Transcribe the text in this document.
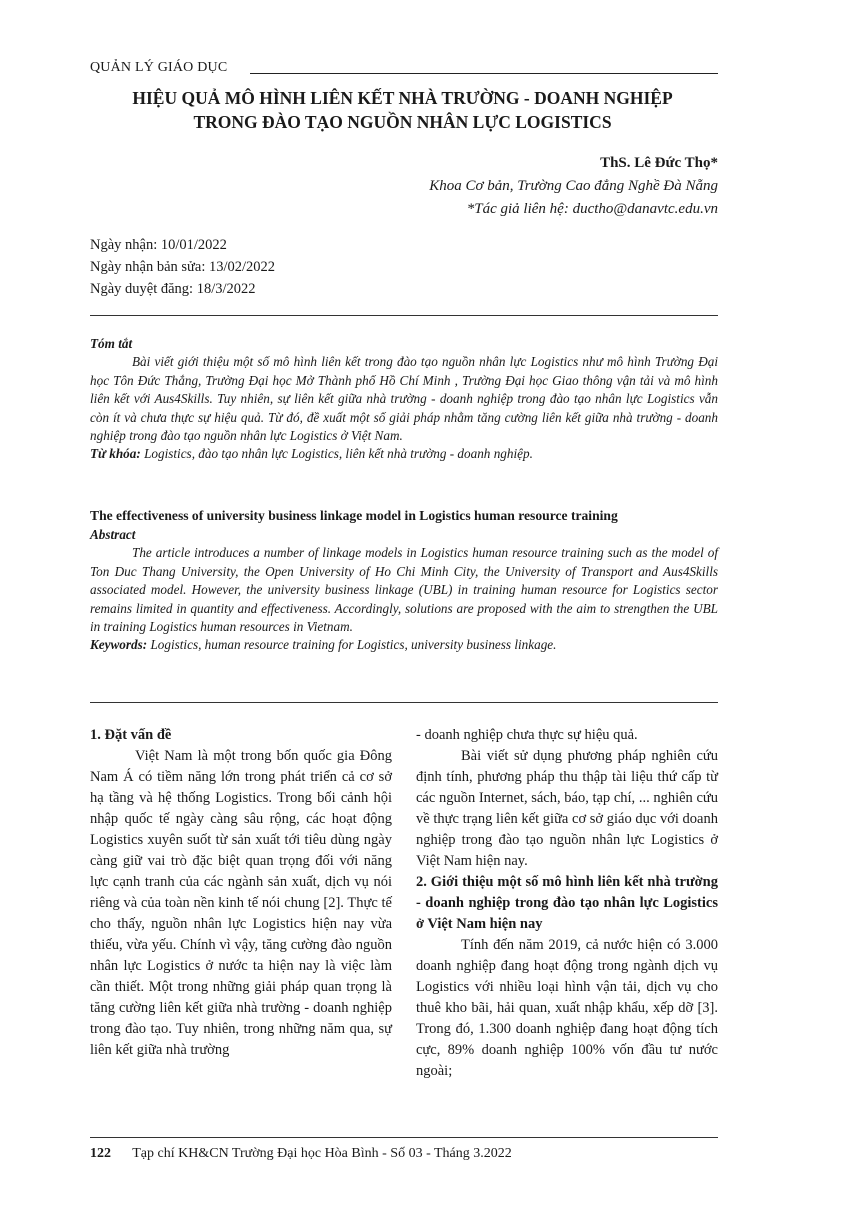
QUẢN LÝ GIÁO DỤC
HIỆU QUẢ MÔ HÌNH LIÊN KẾT NHÀ TRƯỜNG - DOANH NGHIỆP
TRONG ĐÀO TẠO NGUỒN NHÂN LỰC LOGISTICS
ThS. Lê Đức Thọ*
Khoa Cơ bản, Trường Cao đẳng Nghề Đà Nẵng
*Tác giả liên hệ: ductho@danavtc.edu.vn
Ngày nhận: 10/01/2022
Ngày nhận bản sửa: 13/02/2022
Ngày duyệt đăng: 18/3/2022
Tóm tắt
Bài viết giới thiệu một số mô hình liên kết trong đào tạo nguồn nhân lực Logistics như mô hình Trường Đại học Tôn Đức Thắng, Trường Đại học Mở Thành phố Hồ Chí Minh , Trường Đại học Giao thông vận tải và mô hình liên kết với Aus4Skills. Tuy nhiên, sự liên kết giữa nhà trường - doanh nghiệp trong đào tạo nhân lực Logistics vẫn còn ít và chưa thực sự hiệu quả. Từ đó, đề xuất một số giải pháp nhằm tăng cường liên kết giữa nhà trường - doanh nghiệp trong đào tạo nguồn nhân lực Logistics ở Việt Nam.
Từ khóa: Logistics, đào tạo nhân lực Logistics, liên kết nhà trường - doanh nghiệp.
The effectiveness of university business linkage model in Logistics human resource training
Abstract
The article introduces a number of linkage models in Logistics human resource training such as the model of Ton Duc Thang University, the Open University of Ho Chi Minh City, the University of Transport and Aus4Skills associated model. However, the university business linkage (UBL) in training human resource for Logistics sector remains limited in quantity and effectiveness. Accordingly, solutions are proposed with the aim to strengthen the UBL in training Logistics human resources in Vietnam.
Keywords: Logistics, human resource training for Logistics, university business linkage.

1. Đặt vấn đề

Việt Nam là một trong bốn quốc gia Đông Nam Á có tiềm năng lớn trong phát triển cả cơ sở hạ tầng và hệ thống Logistics. Trong bối cảnh hội nhập quốc tế ngày càng sâu rộng, các hoạt động Logistics xuyên suốt từ sản xuất tới tiêu dùng ngày càng giữ vai trò đặc biệt quan trọng đối với năng lực cạnh tranh của các ngành sản xuất, dịch vụ nói riêng và của toàn nền kinh tế nói chung [2]. Thực tế cho thấy, nguồn nhân lực Logistics hiện nay vừa thiếu, vừa yếu. Chính vì vậy, tăng cường đào nguồn nhân lực Logistics ở nước ta hiện nay là việc làm cần thiết. Một trong những giải pháp quan trọng là tăng cường liên kết giữa nhà trường - doanh nghiệp trong đào tạo. Tuy nhiên, trong những năm qua, sự liên kết giữa nhà trường

- doanh nghiệp chưa thực sự hiệu quả.

Bài viết sử dụng phương pháp nghiên cứu định tính, phương pháp thu thập tài liệu thứ cấp từ các nguồn Internet, sách, báo, tạp chí, ... nghiên cứu về thực trạng liên kết giữa cơ sở giáo dục với doanh nghiệp trong đào tạo nguồn nhân lực Logistics ở Việt Nam hiện nay.

2. Giới thiệu một số mô hình liên kết nhà trường - doanh nghiệp trong đào tạo nhân lực Logistics ở Việt Nam hiện nay

Tính đến năm 2019, cả nước hiện có 3.000 doanh nghiệp đang hoạt động trong ngành dịch vụ Logistics với nhiều loại hình vận tải, dịch vụ cho thuê kho bãi, hải quan, xuất nhập khẩu, xếp dỡ [3]. Trong đó, 1.300 doanh nghiệp đang hoạt động tích cực, 89% doanh nghiệp 100% vốn đầu tư nước ngoài;

122 Tạp chí KH&CN Trường Đại học Hòa Bình - Số 03 - Tháng 3.2022
